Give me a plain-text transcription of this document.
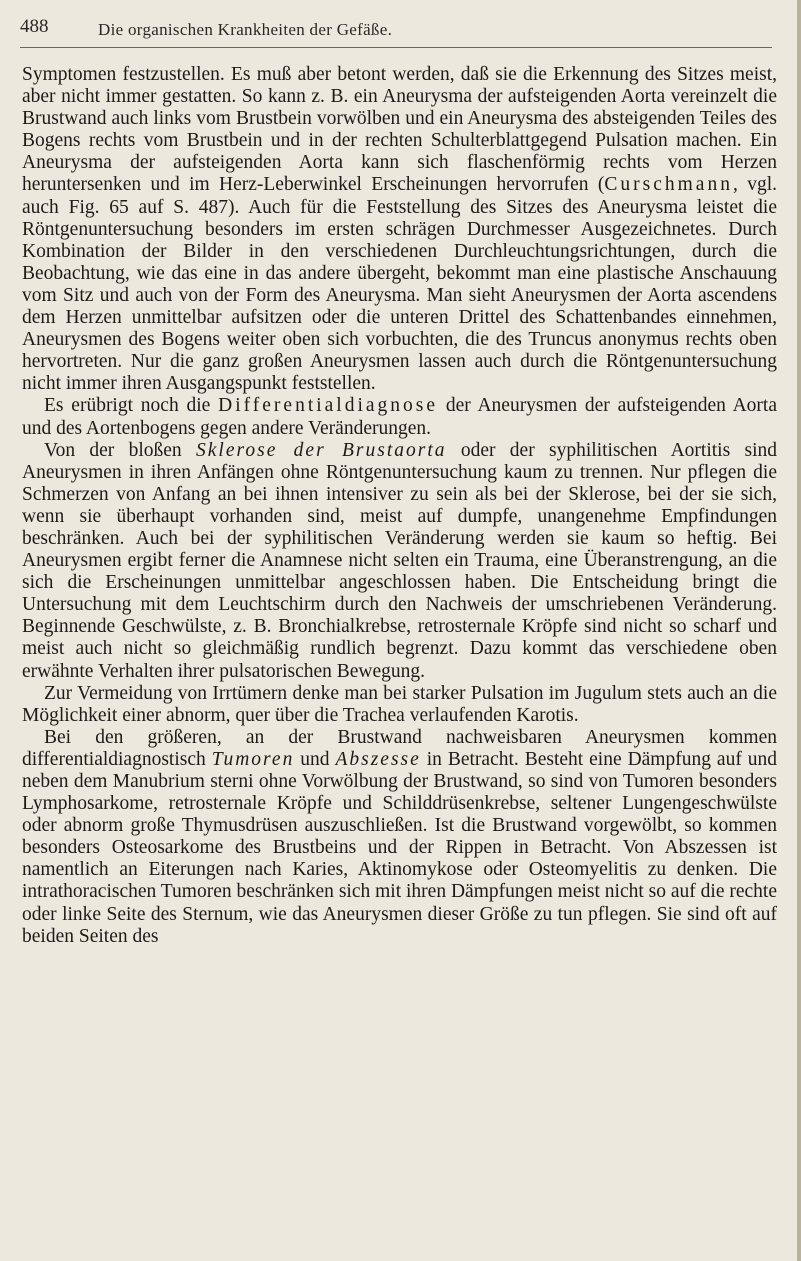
488	Die organischen Krankheiten der Gefäße.

Symptomen festzustellen. Es muß aber betont werden, daß sie die Erkennung des Sitzes meist, aber nicht immer gestatten. So kann z. B. ein Aneurysma der aufsteigenden Aorta vereinzelt die Brustwand auch links vom Brustbein vorwölben und ein Aneurysma des absteigenden Teiles des Bogens rechts vom Brustbein und in der rechten Schulterblattgegend Pulsation machen. Ein Aneurysma der aufsteigenden Aorta kann sich flaschenförmig rechts vom Herzen heruntersenken und im Herz-Leberwinkel Erscheinungen hervorrufen (Curschmann, vgl. auch Fig. 65 auf S. 487). Auch für die Feststellung des Sitzes des Aneurysma leistet die Röntgenuntersuchung besonders im ersten schrägen Durchmesser Ausgezeichnetes. Durch Kombination der Bilder in den verschiedenen Durchleuchtungsrichtungen, durch die Beobachtung, wie das eine in das andere übergeht, bekommt man eine plastische Anschauung vom Sitz und auch von der Form des Aneurysma. Man sieht Aneurysmen der Aorta ascendens dem Herzen unmittelbar aufsitzen oder die unteren Drittel des Schattenbandes einnehmen, Aneurysmen des Bogens weiter oben sich vorbuchten, die des Truncus anonymus rechts oben hervortreten. Nur die ganz großen Aneurysmen lassen auch durch die Röntgenuntersuchung nicht immer ihren Ausgangspunkt feststellen.

Es erübrigt noch die Differentialdiagnose der Aneurysmen der aufsteigenden Aorta und des Aortenbogens gegen andere Veränderungen.

Von der bloßen Sklerose der Brustaorta oder der syphilitischen Aortitis sind Aneurysmen in ihren Anfängen ohne Röntgenuntersuchung kaum zu trennen. Nur pflegen die Schmerzen von Anfang an bei ihnen intensiver zu sein als bei der Sklerose, bei der sie sich, wenn sie überhaupt vorhanden sind, meist auf dumpfe, unangenehme Empfindungen beschränken. Auch bei der syphilitischen Veränderung werden sie kaum so heftig. Bei Aneurysmen ergibt ferner die Anamnese nicht selten ein Trauma, eine Überanstrengung, an die sich die Erscheinungen unmittelbar angeschlossen haben. Die Entscheidung bringt die Untersuchung mit dem Leuchtschirm durch den Nachweis der umschriebenen Veränderung. Beginnende Geschwülste, z. B. Bronchialkrebse, retrosternale Kröpfe sind nicht so scharf und meist auch nicht so gleichmäßig rundlich begrenzt. Dazu kommt das verschiedene oben erwähnte Verhalten ihrer pulsatorischen Bewegung.

Zur Vermeidung von Irrtümern denke man bei starker Pulsation im Jugulum stets auch an die Möglichkeit einer abnorm, quer über die Trachea verlaufenden Karotis.

Bei den größeren, an der Brustwand nachweisbaren Aneurysmen kommen differentialdiagnostisch Tumoren und Abszesse in Betracht. Besteht eine Dämpfung auf und neben dem Manubrium sterni ohne Vorwölbung der Brustwand, so sind von Tumoren besonders Lymphosarkome, retrosternale Kröpfe und Schilddrüsenkrebse, seltener Lungengeschwülste oder abnorm große Thymusdrüsen auszuschließen. Ist die Brustwand vorgewölbt, so kommen besonders Osteosarkome des Brustbeins und der Rippen in Betracht. Von Abszessen ist namentlich an Eiterungen nach Karies, Aktinomykose oder Osteomyelitis zu denken. Die intrathoracischen Tumoren beschränken sich mit ihren Dämpfungen meist nicht so auf die rechte oder linke Seite des Sternum, wie das Aneurysmen dieser Größe zu tun pflegen. Sie sind oft auf beiden Seiten des
